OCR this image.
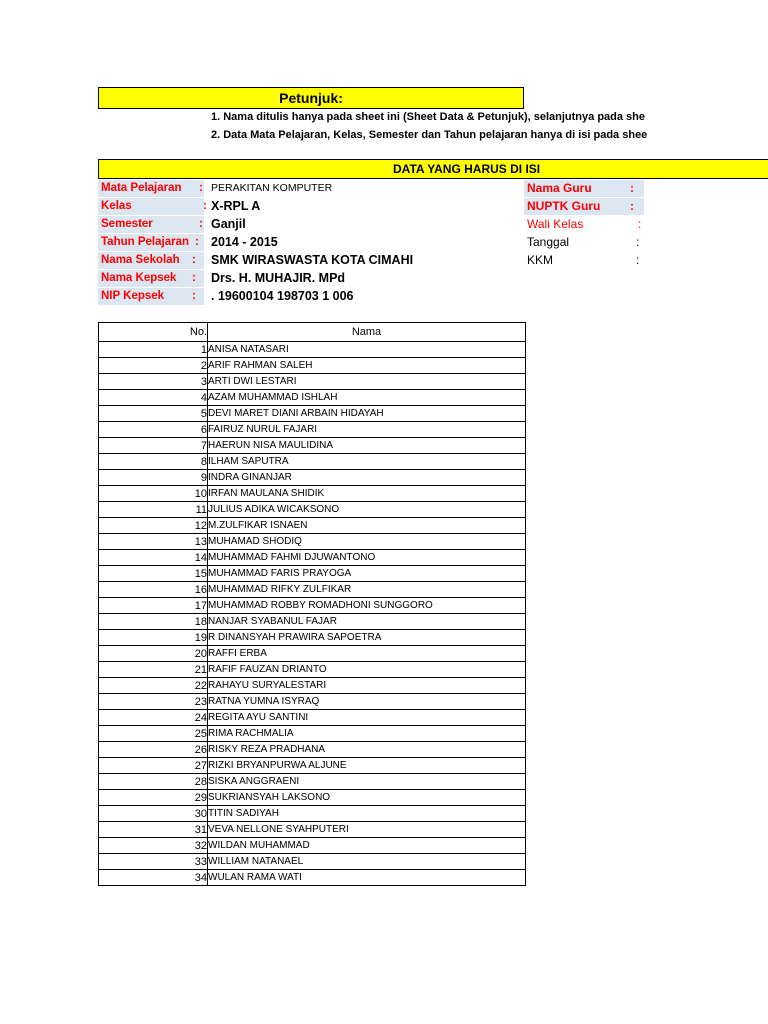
Petunjuk:
1. Nama ditulis hanya pada sheet ini (Sheet Data & Petunjuk), selanjutnya pada she
2. Data Mata Pelajaran, Kelas, Semester dan Tahun pelajaran hanya di isi pada shee
DATA YANG HARUS DI ISI
Mata Pelajaran	: PERAKITAN KOMPUTER
Kelas	: X-RPL A
Semester	: Ganjil
Tahun Pelajaran : 2014 - 2015
Nama Sekolah	: SMK WIRASWASTA KOTA CIMAHI
Nama Kepsek	: Drs. H. MUHAJIR. MPd
NIP Kepsek	: . 19600104 198703 1 006
Nama Guru	:
NUPTK Guru	:
Wali Kelas	:
Tanggal	:
KKM	:
No.	Nama
1	ANISA NATASARI
2	ARIF RAHMAN SALEH
3	ARTI DWI LESTARI
4	AZAM MUHAMMAD ISHLAH
5	DEVI MARET DIANI ARBAIN HIDAYAH
6	FAIRUZ NURUL FAJARI
7	HAERUN NISA MAULIDINA
8	ILHAM SAPUTRA
9	INDRA GINANJAR
10	IRFAN MAULANA SHIDIK
11	JULIUS ADIKA WICAKSONO
12	M.ZULFIKAR ISNAEN
13	MUHAMAD SHODIQ
14	MUHAMMAD FAHMI DJUWANTONO
15	MUHAMMAD FARIS PRAYOGA
16	MUHAMMAD RIFKY ZULFIKAR
17	MUHAMMAD ROBBY ROMADHONI SUNGGORO
18	NANJAR SYABANUL FAJAR
19	R DINANSYAH PRAWIRA SAPOETRA
20	RAFFI ERBA
21	RAFIF FAUZAN DRIANTO
22	RAHAYU SURYALESTARI
23	RATNA YUMNA ISYRAQ
24	REGITA AYU SANTINI
25	RIMA RACHMALIA
26	RISKY REZA PRADHANA
27	RIZKI BRYANPURWA ALJUNE
28	SISKA ANGGRAENI
29	SUKRIANSYAH LAKSONO
30	TITIN SADIYAH
31	VEVA NELLONE SYAHPUTERI
32	WILDAN MUHAMMAD
33	WILLIAM NATANAEL
34	WULAN RAMA WATI
